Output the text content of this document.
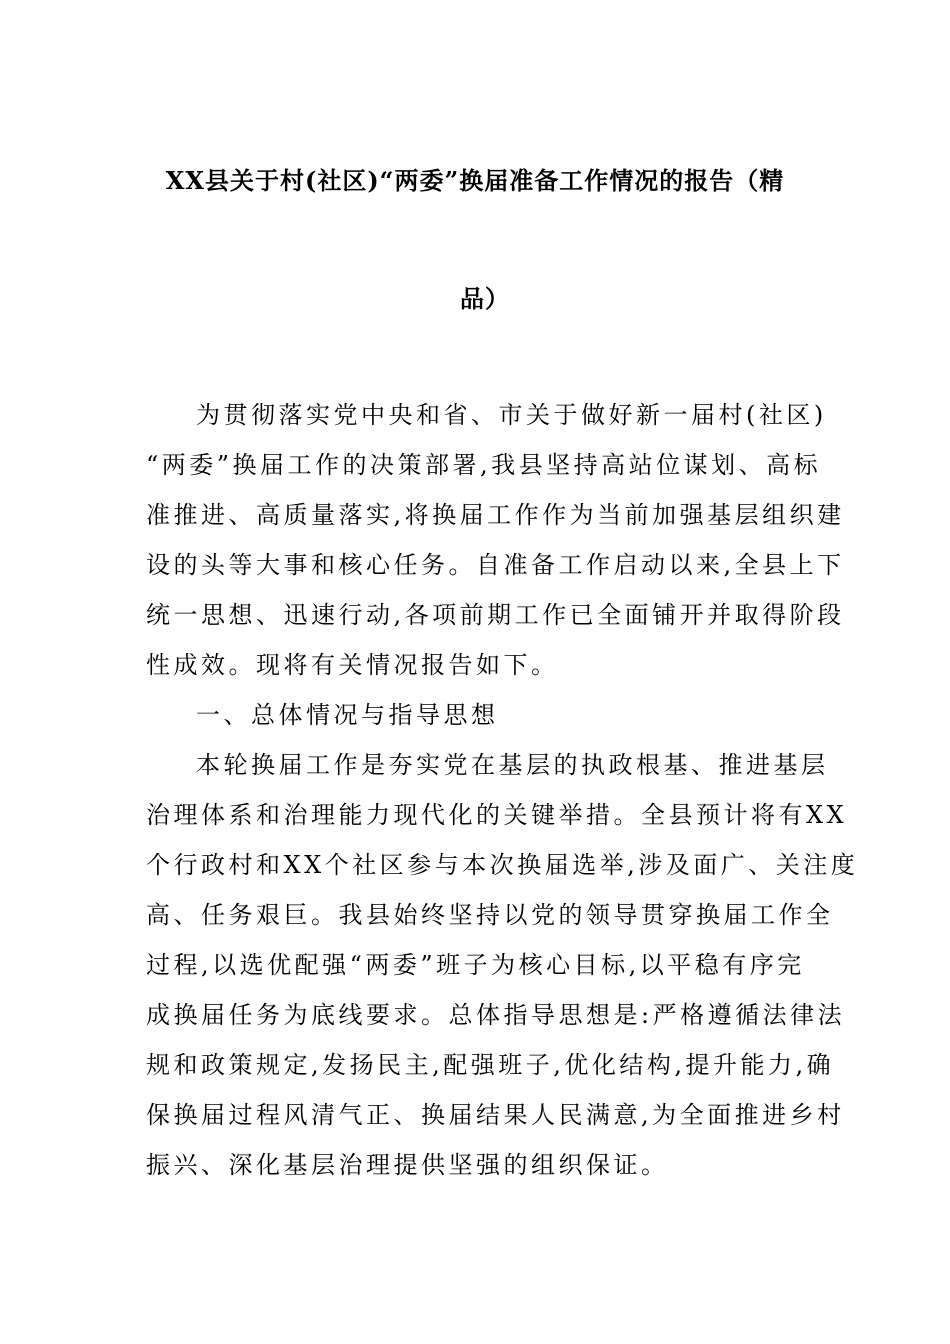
XX县关于村(社区)“两委”换届准备工作情况的报告（精
品）
为贯彻落实党中央和省、市关于做好新一届村(社区)
“两委”换届工作的决策部署,我县坚持高站位谋划、高标
准推进、高质量落实,将换届工作作为当前加强基层组织建
设的头等大事和核心任务。自准备工作启动以来,全县上下
统一思想、迅速行动,各项前期工作已全面铺开并取得阶段
性成效。现将有关情况报告如下。
一、总体情况与指导思想
本轮换届工作是夯实党在基层的执政根基、推进基层
治理体系和治理能力现代化的关键举措。全县预计将有XX
个行政村和XX个社区参与本次换届选举,涉及面广、关注度
高、任务艰巨。我县始终坚持以党的领导贯穿换届工作全
过程,以选优配强“两委”班子为核心目标,以平稳有序完
成换届任务为底线要求。总体指导思想是:严格遵循法律法
规和政策规定,发扬民主,配强班子,优化结构,提升能力,确
保换届过程风清气正、换届结果人民满意,为全面推进乡村
振兴、深化基层治理提供坚强的组织保证。
